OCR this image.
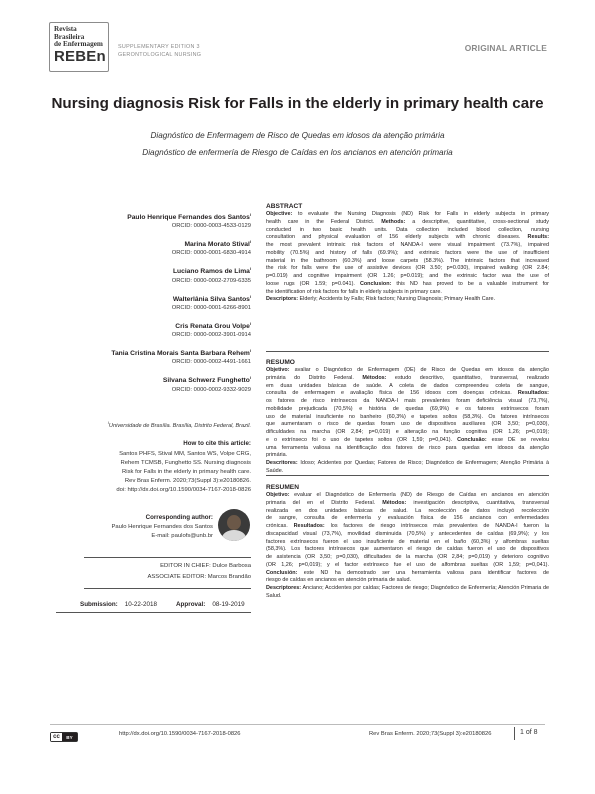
Revista
Brasileira
de Enfermagem
REBEn
SUPPLEMENTARY EDITION 3
GERONTOLOGICAL NURSING
ORIGINAL ARTICLE
Nursing diagnosis Risk for Falls in the elderly in primary health care
Diagnóstico de Enfermagem de Risco de Quedas em idosos da atenção primária
Diagnóstico de enfermería de Riesgo de Caídas en los ancianos en atención primaria
Paulo Henrique Fernandes dos Santos$^I$
ORCID: 0000-0003-4533-0129
Marina Morato Stival$^I$
ORCID: 0000-0001-6830-4914
Luciano Ramos de Lima$^I$
ORCID: 0000-0002-2709-6335
Walterlânia Silva Santos$^I$
ORCID: 0000-0001-6266-8901
Cris Renata Grou Volpe$^I$
ORCID: 0000-0002-3901-0914
Tania Cristina Morais Santa Barbara Rehem$^I$
ORCID: 0000-0002-4491-1661
Silvana Schwerz Funghetto$^I$
ORCID: 0000-0002-9332-9029
$^I$Universidade de Brasília. Brasília, Distrito Federal, Brazil.
How to cite this article:
Santos PHFS, Stival MM, Santos WS, Volpe CRG,
Rehem TCMSB, Funghetto SS. Nursing diagnosis
Risk for Falls in the elderly in primary health care.
Rev Bras Enferm. 2020;73(Suppl 3):e20180826.
doi: http://dx.doi.org/10.1590/0034-7167-2018-0826
Corresponding author:
Paulo Henrique Fernandes dos Santos
E-mail: paulofs@unb.br
EDITOR IN CHIEF: Dulce Barbosa
ASSOCIATE EDITOR: Marcos Brandão
Submission: 10-22-2018	Approval: 08-19-2019
ABSTRACT
Objective: to evaluate the Nursing Diagnosis (ND) Risk for Falls in elderly subjects in primary
health care in the Federal District. Methods: a descriptive, quantitative, cross-sectional study
conducted in two basic health units. Data collection included blood collection, nursing
consultation and physical evaluation of 156 elderly subjects with chronic diseases. Results:
the most prevalent intrinsic risk factors of NANDA-I were visual impairment (73.7%), impaired
mobility (70.5%) and history of falls (69.9%); and extrinsic factors were the use of insufficient
material in the bathroom (60.3%) and loose carpets (58.3%). The intrinsic factors that increased
the risk for falls were the use of assistive devices (OR 3.50; p=0.030), impaired walking (OR 2.84;
p=0.019) and cognitive impairment (OR 1.26; p=0.019); and the extrinsic factor was the use of
loose rugs (OR 1.59; p=0.041). Conclusion: this ND has proved to be a valuable instrument for
the identification of risk factors for falls in elderly subjects in primary care.
Descriptors: Elderly; Accidents by Falls; Risk factors; Nursing Diagnosis; Primary Health Care.
RESUMO
Objetivo: avaliar o Diagnóstico de Enfermagem (DE) de Risco de Quedas em idosos da atenção
primária do Distrito Federal. Métodos: estudo descritivo, quantitativo, transversal, realizado
em duas unidades básicas de saúde. A coleta de dados compreendeu coleta de sangue,
consulta de enfermagem e avaliação física de 156 idosos com doenças crônicas. Resultados:
os fatores de risco intrínsecos da NANDA-I mais prevalentes foram deficiência visual (73,7%),
mobilidade prejudicada (70,5%) e história de quedas (69,9%) e os fatores extrínsecos foram
uso de material insuficiente no banheiro (60,3%) e tapetes soltos (58,3%). Os fatores intrínsecos
que aumentaram o risco de quedas foram uso de dispositivos auxiliares (OR 3,50; p=0,030),
dificuldades na marcha (OR 2,84; p=0,019) e alteração na função cognitiva (OR 1,26; p=0,019);
e o extrínseco foi o uso de tapetes soltos (OR 1,59; p=0,041). Conclusão: esse DE se revelou
uma ferramenta valiosa na identificação dos fatores de risco para quedas em idosos da atenção
primária.
Descritores: Idoso; Acidentes por Quedas; Fatores de Risco; Diagnóstico de Enfermagem; Atenção Primária à Saúde.
RESUMEN
Objetivo: evaluar el Diagnóstico de Enfermería (ND) de Riesgo de Caídas en ancianos en atención
primaria del en el Distrito Federal. Métodos: investigación descriptiva, cuantitativa, transversal
realizada en dos unidades básicas de salud. La recolección de datos incluyó recolección
de sangre, consulta de enfermería y evaluación física de 156 ancianos con enfermedades
crónicas. Resultados: los factores de riesgo intrínsecos más prevalentes de NANDA-I fueron la
discapacidad visual (73,7%), movilidad disminuida (70,5%) y antecedentes de caídas (69,9%); y los
factores extrínsecos fueron el uso insuficiente de material en el baño (60,3%) y alfombras sueltas
(58,3%). Los factores intrínsecos que aumentaron el riesgo de caídas fueron el uso de dispositivos
de asistencia (OR 3,50; p=0,030), dificultades de la marcha (OR 2,84; p=0,019) y deterioro cognitivo
(OR 1,26; p=0,019); y el factor extrínseco fue el uso de alfombras sueltas (OR 1,59; p=0,041).
Conclusión: este ND ha demostrado ser una herramienta valiosa para identificar factores de
riesgo de caídas en ancianos en atención primaria de salud.
Descriptores: Anciano; Accidentes por caídas; Factores de riesgo; Diagnóstico de Enfermería; Atención Primaria de Salud.
cc	BY
http://dx.doi.org/10.1590/0034-7167-2018-0826	Rev Bras Enferm. 2020;73(Suppl 3):e20180826	1 of 8
